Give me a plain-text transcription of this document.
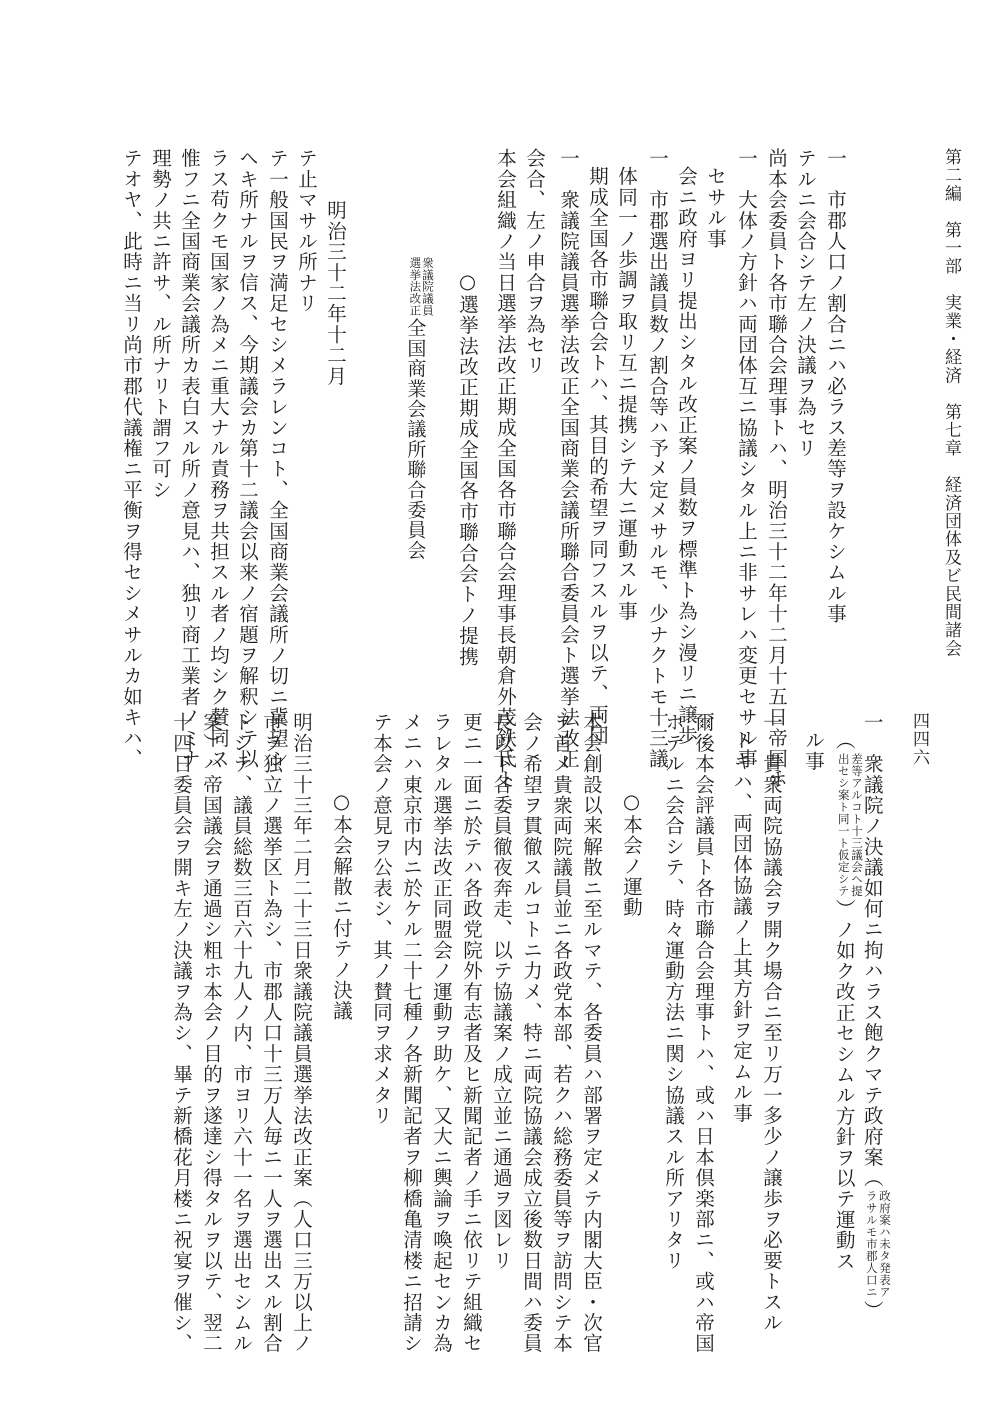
第二編　第一部　実業・経済　第七章　経済団体及ビ民間諸会
四四六
テオヤ、此時ニ当リ尚市郡代議権ニ平衡ヲ得セシメサルカ如キハ、 理勢ノ共ニ許サ、ル所ナリト謂フ可シ 惟フニ全国商業会議所カ表白スル所ノ意見ハ、独リ商工業者ノミナ ラス苟クモ国家ノ為メニ重大ナル責務ヲ共担スル者ノ均シク賛同ス ヘキ所ナルヲ信ス、今期議会カ第十二議会以来ノ宿題ヲ解釈シテ以 テ一般国民ヲ満足セシメラレンコト、全国商業会議所ノ切ニ冀望シ テ止マサル所ナリ 明治三十二年十二月	衆議院議員
選挙法改正全国商業会議所聯合委員会	○選挙法改正期成全国各市聯合会トノ提携 本会組織ノ当日選挙法改正期成全国各市聯合会理事長朝倉外茂鉄氏ト 会合、左ノ申合ヲ為セリ 一　衆議院議員選挙法改正全国商業会議所聯合委員会ト選挙法改正 期成全国各市聯合会トハ、其目的希望ヲ同フスルヲ以テ、両団 体同一ノ歩調ヲ取リ互ニ提携シテ大ニ運動スル事 一　市郡選出議員数ノ割合等ハ予メ定メサルモ、少ナクトモ十三議 会ニ政府ヨリ提出シタル改正案ノ員数ヲ標準ト為シ漫リニ譲歩 セサル事 一　大体ノ方針ハ両団体互ニ協議シタル上ニ非サレハ変更セサル事 尚本会委員ト各市聯合会理事トハ、明治三十二年十二月十五日帝国ホ テルニ会合シテ左ノ決議ヲ為セリ 一　市郡人口ノ割合ニハ必ラス差等ヲ設ケシムル事
一　衆議院ノ決議如何ニ拘ハラス飽クマテ政府案（政府案ハ未タ発表ア
ラサルモ市郡人口ニ）
（差等アルコト十三議会ヘ提
出セシ案ト同一ト仮定シテ）ノ如ク改正セシムル方針ヲ以テ運動ス
ル事
一　貴衆両院協議会ヲ開ク場合ニ至リ万一多少ノ譲歩ヲ必要トスル
トキハ、両団体協議ノ上其方針ヲ定ムル事
爾後本会評議員ト各市聯合会理事トハ、或ハ日本倶楽部ニ、或ハ帝国
ホテルニ会合シテ、時々運動方法ニ関シ協議スル所アリタリ
○本会ノ運動
本会創設以来解散ニ至ルマテ、各委員ハ部署ヲ定メテ内閣大臣・次官
ヲ首メ貴衆両院議員並ニ各政党本部、若クハ総務委員等ヲ訪問シテ本
会ノ希望ヲ貫徹スルコトニ力メ、特ニ両院協議会成立後数日間ハ委員
長以下各委員徹夜奔走、以テ協議案ノ成立並ニ通過ヲ図レリ
更ニ一面ニ於テハ各政党院外有志者及ヒ新聞記者ノ手ニ依リテ組織セ
ラレタル選挙法改正同盟会ノ運動ヲ助ケ、又大ニ輿論ヲ喚起センカ為
メニハ東京市内ニ於ケル二十七種ノ各新聞記者ヲ柳橋亀清楼ニ招請シ
テ本会ノ意見ヲ公表シ、其ノ賛同ヲ求メタリ
○本会解散ニ付テノ決議
明治三十三年二月二十三日衆議院議員選挙法改正案（人口三万以上ノ
市ヲ独立ノ選挙区ト為シ、市郡人口十三万人毎ニ一人ヲ選出スル割合
トシテ、議員総数三百六十九人ノ内、市ヨリ六十一名ヲ選出セシムル
案）ハ帝国議会ヲ通過シ粗ホ本会ノ目的ヲ遂達シ得タルヲ以テ、翌二
十四日委員会ヲ開キ左ノ決議ヲ為シ、畢テ新橋花月楼ニ祝宴ヲ催シ、
